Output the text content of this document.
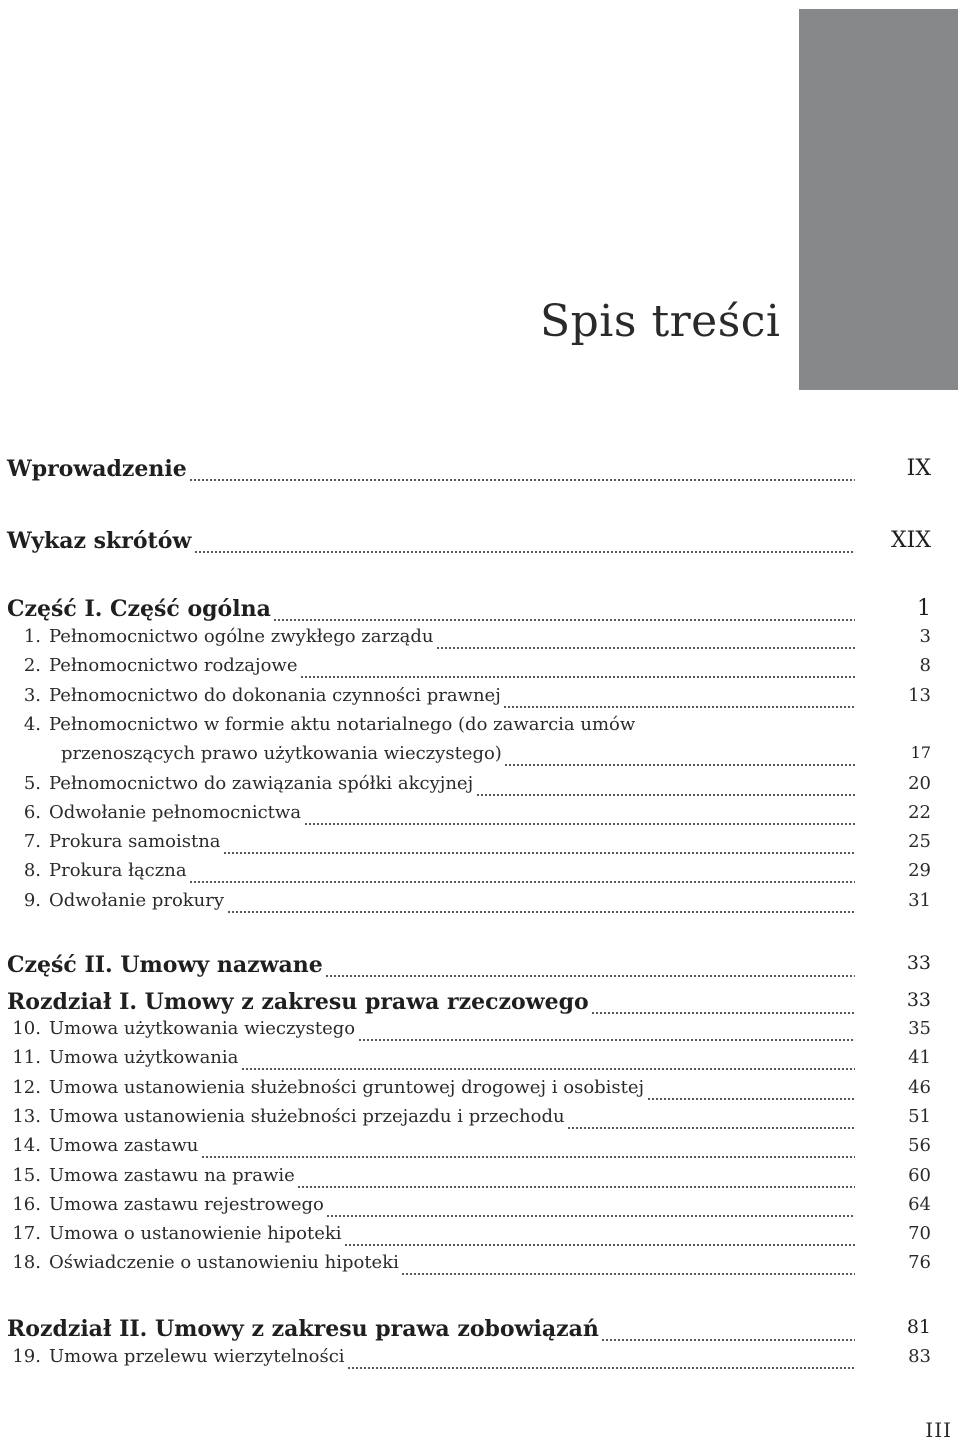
Spis treści
Wprowadzenie	IX
Wykaz skrótów	XIX
Część I. Część ogólna	1
1. Pełnomocnictwo ogólne zwykłego zarządu	3
2. Pełnomocnictwo rodzajowe	8
3. Pełnomocnictwo do dokonania czynności prawnej	13
4. Pełnomocnictwo w formie aktu notarialnego (do zawarcia umów
przenoszących prawo użytkowania wieczystego)	17
5. Pełnomocnictwo do zawiązania spółki akcyjnej	20
6. Odwołanie pełnomocnictwa	22
7. Prokura samoistna	25
8. Prokura łączna	29
9. Odwołanie prokury	31
Część II. Umowy nazwane	33
Rozdział I. Umowy z zakresu prawa rzeczowego	33
10. Umowa użytkowania wieczystego	35
11. Umowa użytkowania	41
12. Umowa ustanowienia służebności gruntowej drogowej i osobistej	46
13. Umowa ustanowienia służebności przejazdu i przechodu	51
14. Umowa zastawu	56
15. Umowa zastawu na prawie	60
16. Umowa zastawu rejestrowego	64
17. Umowa o ustanowienie hipoteki	70
18. Oświadczenie o ustanowieniu hipoteki	76
Rozdział II. Umowy z zakresu prawa zobowiązań	81
19. Umowa przelewu wierzytelności	83
III
